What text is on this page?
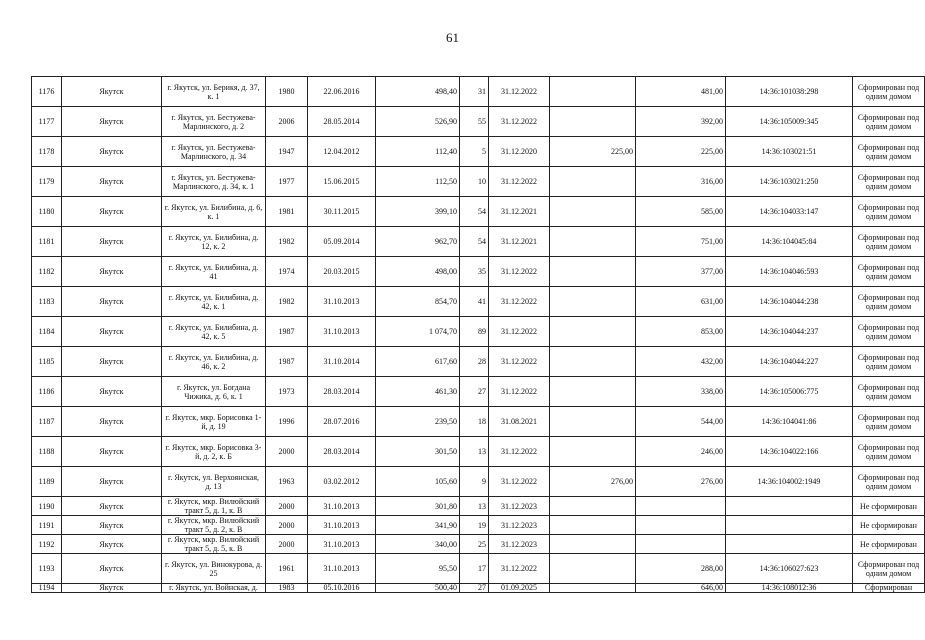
61
1176	Якутск	г. Якутск, ул. Берикя, д. 37, к. 1	1980	22.06.2016	498,40	31	31.12.2022		481,00	14:36:101038:298	Сформирован под одним домом
1177	Якутск	г. Якутск, ул. Бестужева-Марлинского, д. 2	2006	28.05.2014	526,90	55	31.12.2022		392,00	14:36:105009:345	Сформирован под одним домом
1178	Якутск	г. Якутск, ул. Бестужева-Марлинского, д. 34	1947	12.04.2012	112,40	5	31.12.2020	225,00	225,00	14:36:103021:51	Сформирован под одним домом
1179	Якутск	г. Якутск, ул. Бестужева-Марлинского, д. 34, к. 1	1977	15.06.2015	112,50	10	31.12.2022		316,00	14:36:103021:250	Сформирован под одним домом
1180	Якутск	г. Якутск, ул. Билибина, д. 6, к. 1	1981	30.11.2015	399,10	54	31.12.2021		585,00	14:36:104033:147	Сформирован под одним домом
1181	Якутск	г. Якутск, ул. Билибина, д. 12, к. 2	1982	05.09.2014	962,70	54	31.12.2021		751,00	14:36:104045:84	Сформирован под одним домом
1182	Якутск	г. Якутск, ул. Билибина, д. 41	1974	20.03.2015	498,00	35	31.12.2022		377,00	14:36:104046:593	Сформирован под одним домом
1183	Якутск	г. Якутск, ул. Билибина, д. 42, к. 1	1982	31.10.2013	854,70	41	31.12.2022		631,00	14:36:104044:238	Сформирован под одним домом
1184	Якутск	г. Якутск, ул. Билибина, д. 42, к. 5	1987	31.10.2013	1 074,70	89	31.12.2022		853,00	14:36:104044:237	Сформирован под одним домом
1185	Якутск	г. Якутск, ул. Билибина, д. 46, к. 2	1987	31.10.2014	617,60	28	31.12.2022		432,00	14:36:104044:227	Сформирован под одним домом
1186	Якутск	г. Якутск, ул. Богдана Чижика, д. 6, к. 1	1973	28.03.2014	461,30	27	31.12.2022		338,00	14:36:105006:775	Сформирован под одним домом
1187	Якутск	г. Якутск, мкр. Борисовка 1-й, д. 19	1996	28.07.2016	239,50	18	31.08.2021		544,00	14:36:104041:86	Сформирован под одним домом
1188	Якутск	г. Якутск, мкр. Борисовка 3-й, д. 2, к. Б	2000	28.03.2014	301,50	13	31.12.2022		246,00	14:36:104022:166	Сформирован под одним домом
1189	Якутск	г. Якутск, ул. Верхоянская, д. 13	1963	03.02.2012	105,60	9	31.12.2022	276,00	276,00	14:36:104002:1949	Сформирован под одним домом
1190	Якутск	г. Якутск, мкр. Вилюйский тракт 5, д. 1, к. В	2000	31.10.2013	301,80	13	31.12.2023				Не сформирован
1191	Якутск	г. Якутск, мкр. Вилюйский тракт 5, д. 2, к. В	2000	31.10.2013	341,90	19	31.12.2023				Не сформирован
1192	Якутск	г. Якутск, мкр. Вилюйский тракт 5, д. 5, к. В	2000	31.10.2013	340,00	25	31.12.2023				Не сформирован
1193	Якутск	г. Якутск, ул. Винокурова, д. 25	1961	31.10.2013	95,50	17	31.12.2022		288,00	14:36:106027:623	Сформирован под одним домом
1194	Якутск	г. Якутск, ул. Войнская, д.	1983	05.10.2016	500,40	27	01.09.2025		646,00	14:36:108012:36	Сформирован
